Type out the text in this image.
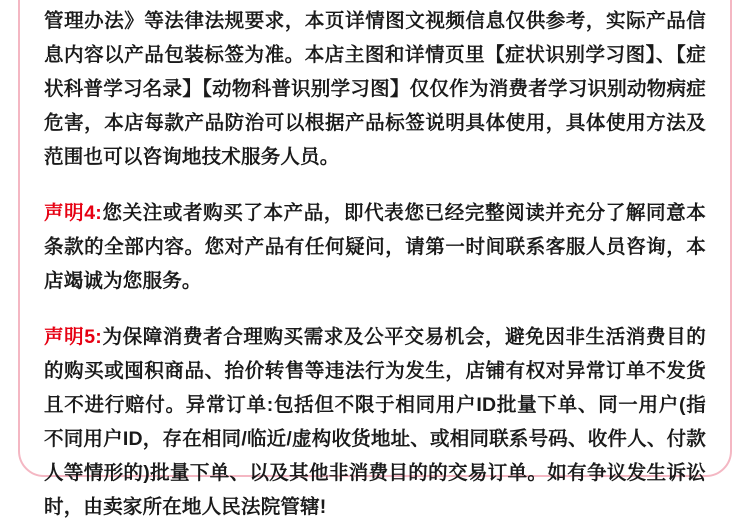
管理办法》等法律法规要求，本页详情图文视频信息仅供参考，实际产品信息内容以产品包装标签为准。本店主图和详情页里【症状识别学习图】、【症状科普学习名录】【动物科普识别学习图】仅仅作为消费者学习识别动物病症危害，本店每款产品防治可以根据产品标签说明具体使用，具体使用方法及范围也可以咨询地技术服务人员。

声明4:您关注或者购买了本产品，即代表您已经完整阅读并充分了解同意本条款的全部内容。您对产品有任何疑问，请第一时间联系客服人员咨询，本店竭诚为您服务。

声明5:为保障消费者合理购买需求及公平交易机会，避免因非生活消费目的的购买或囤积商品、抬价转售等违法行为发生，店铺有权对异常订单不发货且不进行赔付。异常订单:包括但不限于相同用户ID批量下单、同一用户(指不同用户ID，存在相同/临近/虚构收货地址、或相同联系号码、收件人、付款人等情形的)批量下单、以及其他非消费目的的交易订单。如有争议发生诉讼时，由卖家所在地人民法院管辖!
